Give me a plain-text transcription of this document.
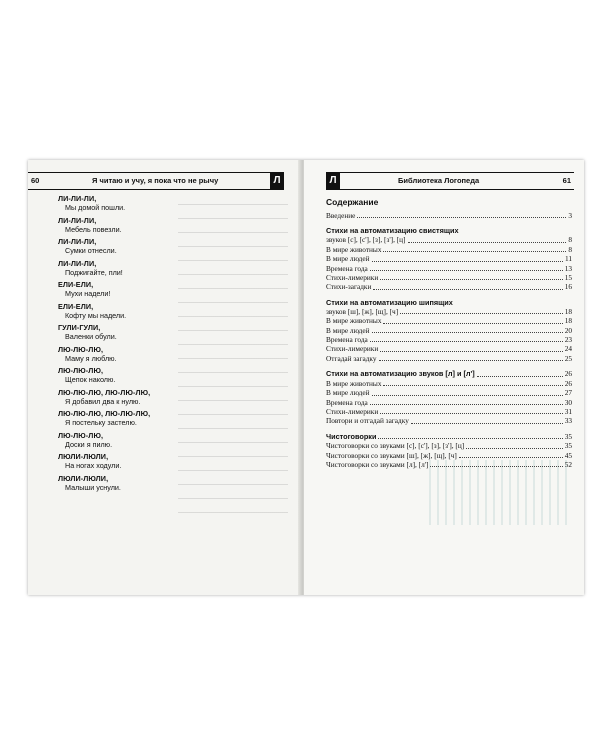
60	Я читаю и учу, я пока что не рычу	Л
ЛИ-ЛИ-ЛИ,
Мы домой пошли.
ЛИ-ЛИ-ЛИ,
Мебель повезли.
ЛИ-ЛИ-ЛИ,
Сумки отнесли.
ЛИ-ЛИ-ЛИ,
Поджигайте, пли!
ЕЛИ-ЕЛИ,
Мухи надели!
ЕЛИ-ЕЛИ,
Кофту мы надели.
ГУЛИ-ГУЛИ,
Валенки обули.
ЛЮ-ЛЮ-ЛЮ,
Маму я люблю.
ЛЮ-ЛЮ-ЛЮ,
Щепок наколю.
ЛЮ-ЛЮ-ЛЮ, ЛЮ-ЛЮ-ЛЮ,
Я добавил два к нулю.
ЛЮ-ЛЮ-ЛЮ, ЛЮ-ЛЮ-ЛЮ,
Я постельку застелю.
ЛЮ-ЛЮ-ЛЮ,
Доски я пилю.
ЛЮЛИ-ЛЮЛИ,
На ногах ходули.
ЛЮЛИ-ЛЮЛИ,
Малыши уснули.
Л	Библиотека Логопеда	61
Содержание
Введение	3
Стихи на автоматизацию свистящих
звуков [с], [с'], [з], [з'], [ц]	8
В мире животных	8
В мире людей	11
Времена года	13
Стихи-лимерики	15
Стихи-загадки	16
Стихи на автоматизацию шипящих
звуков [ш], [ж], [щ], [ч]	18
В мире животных	18
В мире людей	20
Времена года	23
Стихи-лимерики	24
Отгадай загадку	25
Стихи на автоматизацию звуков [л] и [л']	26
В мире животных	26
В мире людей	27
Времена года	30
Стихи-лимерики	31
Повтори и отгадай загадку	33
Чистоговорки	35
Чистоговорки со звуками [с], [с'], [з], [з'], [ц]	35
Чистоговорки со звуками [ш], [ж], [щ], [ч]	45
Чистоговорки со звуками [л], [л']	52
